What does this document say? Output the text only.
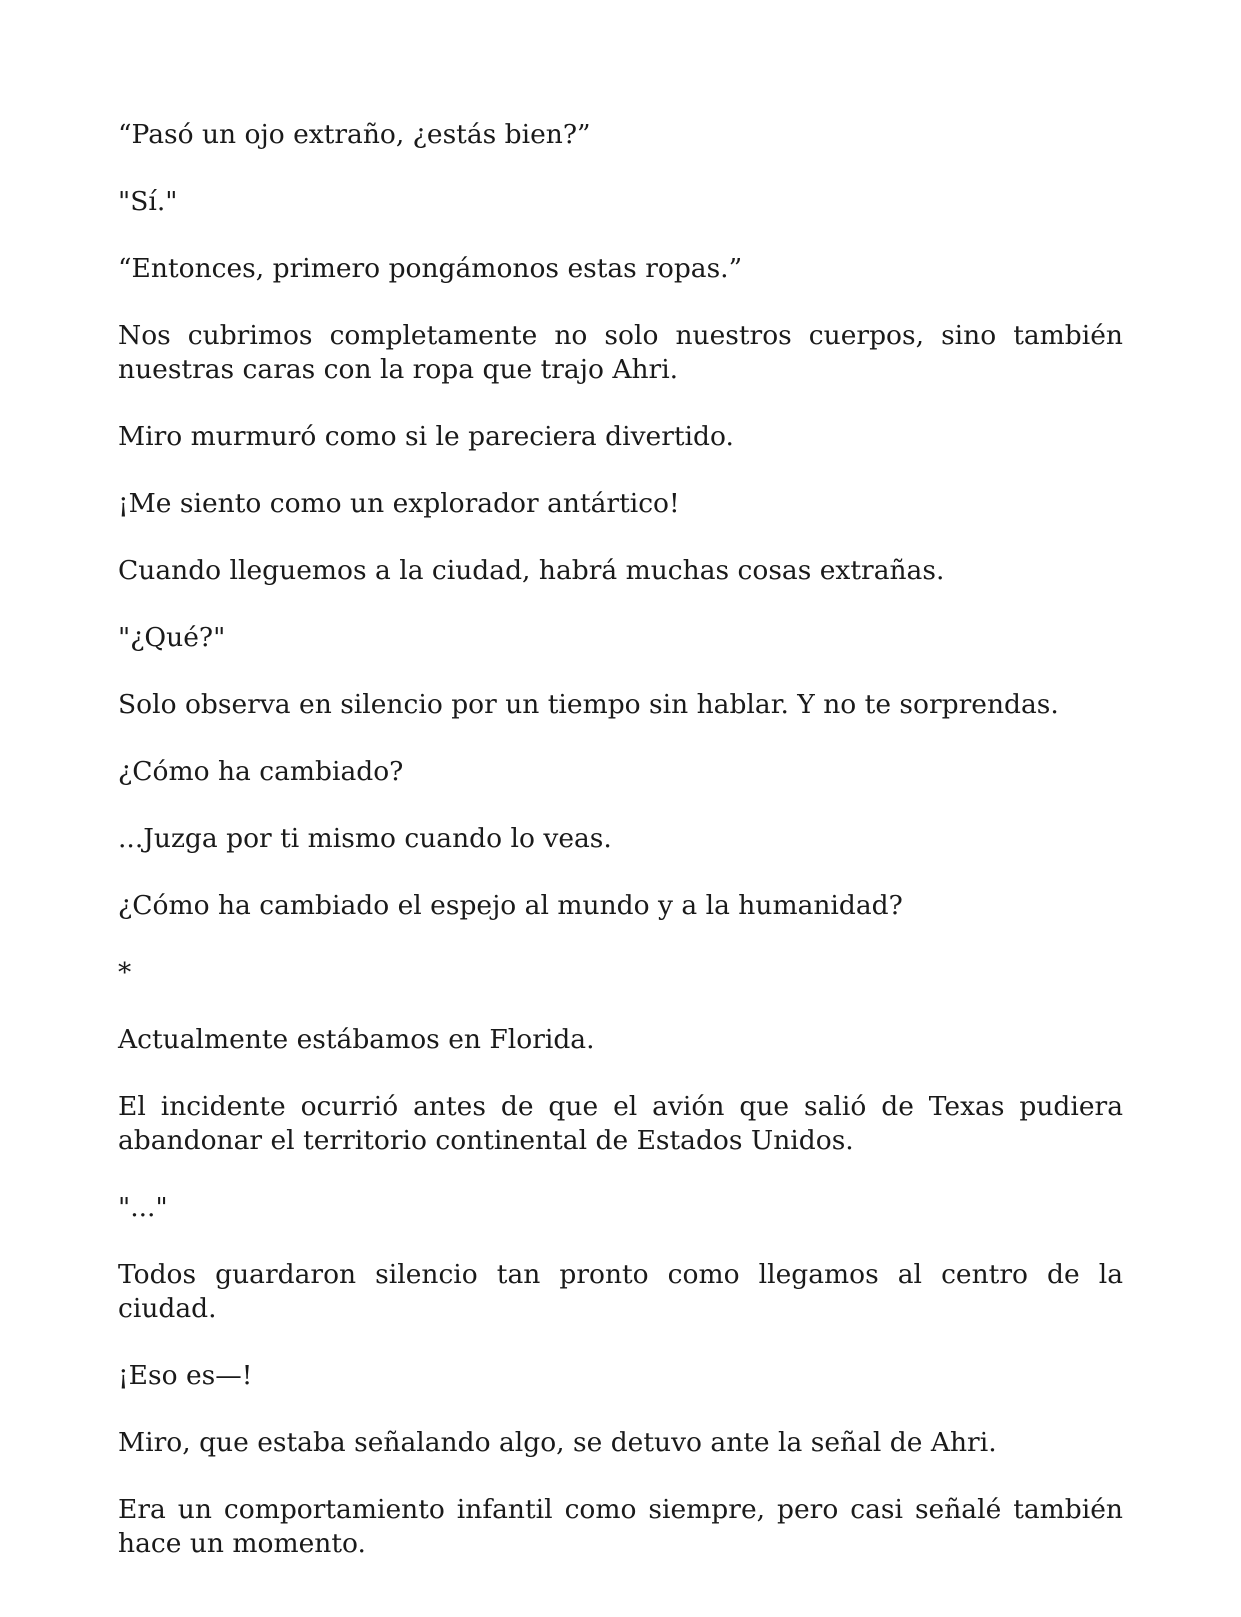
“Pasó un ojo extraño, ¿estás bien?”

"Sí."

“Entonces, primero pongámonos estas ropas.”

Nos cubrimos completamente no solo nuestros cuerpos, sino también nuestras caras con la ropa que trajo Ahri.

Miro murmuró como si le pareciera divertido.

¡Me siento como un explorador antártico!

Cuando lleguemos a la ciudad, habrá muchas cosas extrañas.

"¿Qué?"

Solo observa en silencio por un tiempo sin hablar. Y no te sorprendas.

¿Cómo ha cambiado?

...Juzga por ti mismo cuando lo veas.

¿Cómo ha cambiado el espejo al mundo y a la humanidad?

*

Actualmente estábamos en Florida.

El incidente ocurrió antes de que el avión que salió de Texas pudiera abandonar el territorio continental de Estados Unidos.

"..."

Todos guardaron silencio tan pronto como llegamos al centro de la ciudad.

¡Eso es—!

Miro, que estaba señalando algo, se detuvo ante la señal de Ahri.

Era un comportamiento infantil como siempre, pero casi señalé también hace un momento.
